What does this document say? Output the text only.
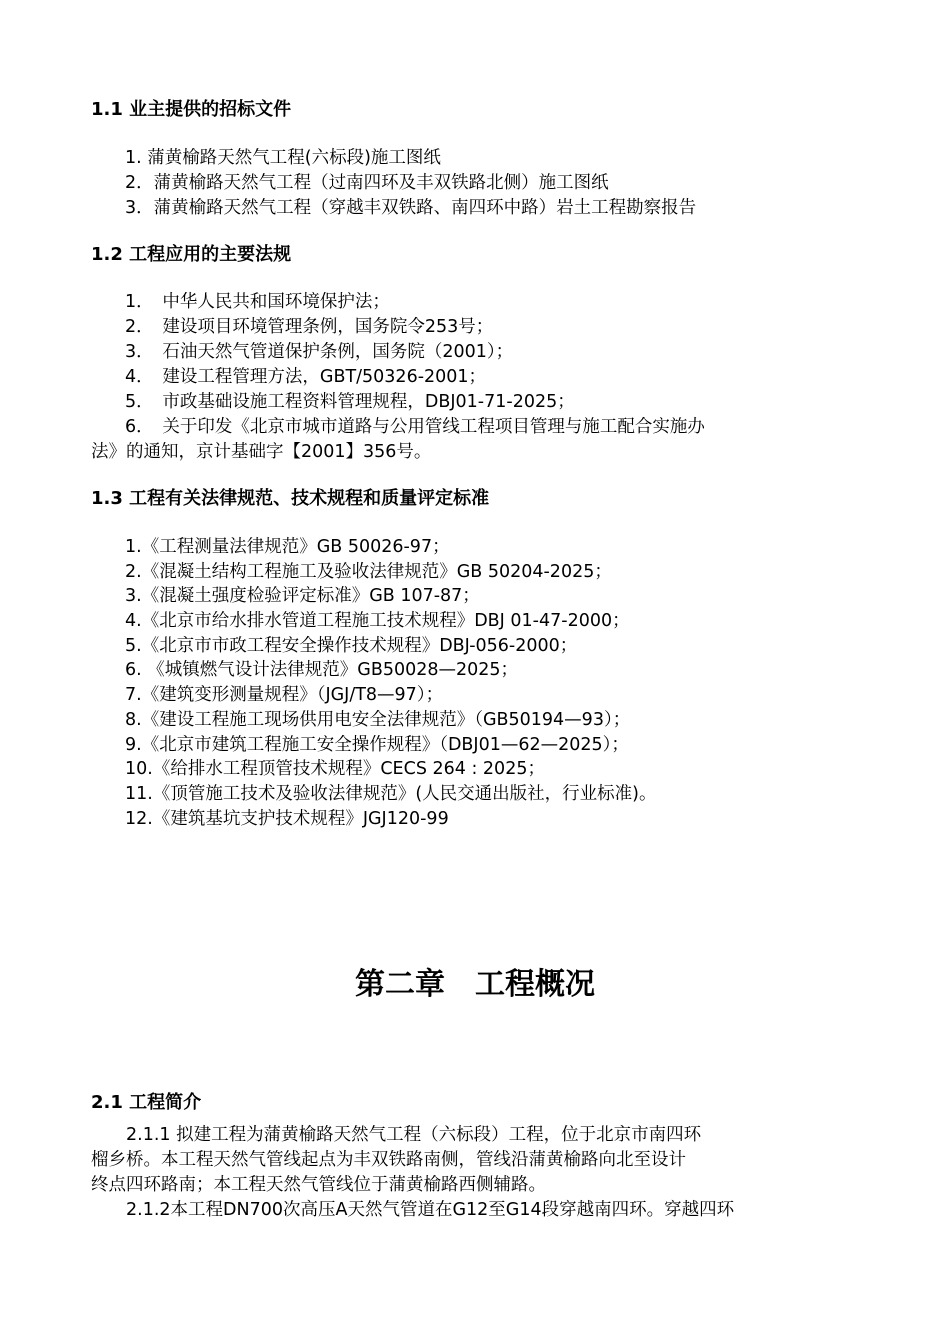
1.1 业主提供的招标文件
1. 蒲黄榆路天然气工程(六标段)施工图纸
2．蒲黄榆路天然气工程（过南四环及丰双铁路北侧）施工图纸
3．蒲黄榆路天然气工程（穿越丰双铁路、南四环中路）岩土工程勘察报告
1.2 工程应用的主要法规
1．　中华人民共和国环境保护法；
2．　建设项目环境管理条例，国务院令253号；
3．　石油天然气管道保护条例，国务院（2001）；
4．　建设工程管理方法，GBT/50326-2001；
5．　市政基础设施工程资料管理规程，DBJ01-71-2025；
6．　关于印发《北京市城市道路与公用管线工程项目管理与施工配合实施办
法》的通知，京计基础字【2001】356号。
1.3 工程有关法律规范、技术规程和质量评定标准
1.《工程测量法律规范》GB 50026-97；
2.《混凝土结构工程施工及验收法律规范》GB 50204-2025；
3.《混凝土强度检验评定标准》GB 107-87；
4.《北京市给水排水管道工程施工技术规程》DBJ 01-47-2000；
5.《北京市市政工程安全操作技术规程》DBJ-056-2000；
6. 《城镇燃气设计法律规范》GB50028—2025；
7.《建筑变形测量规程》（JGJ/T8—97）；
8.《建设工程施工现场供用电安全法律规范》（GB50194—93）；
9.《北京市建筑工程施工安全操作规程》（DBJ01—62—2025）；
10.《给排水工程顶管技术规程》CECS 264 : 2025；
11.《顶管施工技术及验收法律规范》(人民交通出版社，行业标准)。
12.《建筑基坑支护技术规程》JGJ120-99
第二章　工程概况
2.1 工程简介
　　2.1.1 拟建工程为蒲黄榆路天然气工程（六标段）工程，位于北京市南四环
榴乡桥。本工程天然气管线起点为丰双铁路南侧，管线沿蒲黄榆路向北至设计
终点四环路南；本工程天然气管线位于蒲黄榆路西侧辅路。
　　2.1.2本工程DN700次高压A天然气管道在G12至G14段穿越南四环。穿越四环
